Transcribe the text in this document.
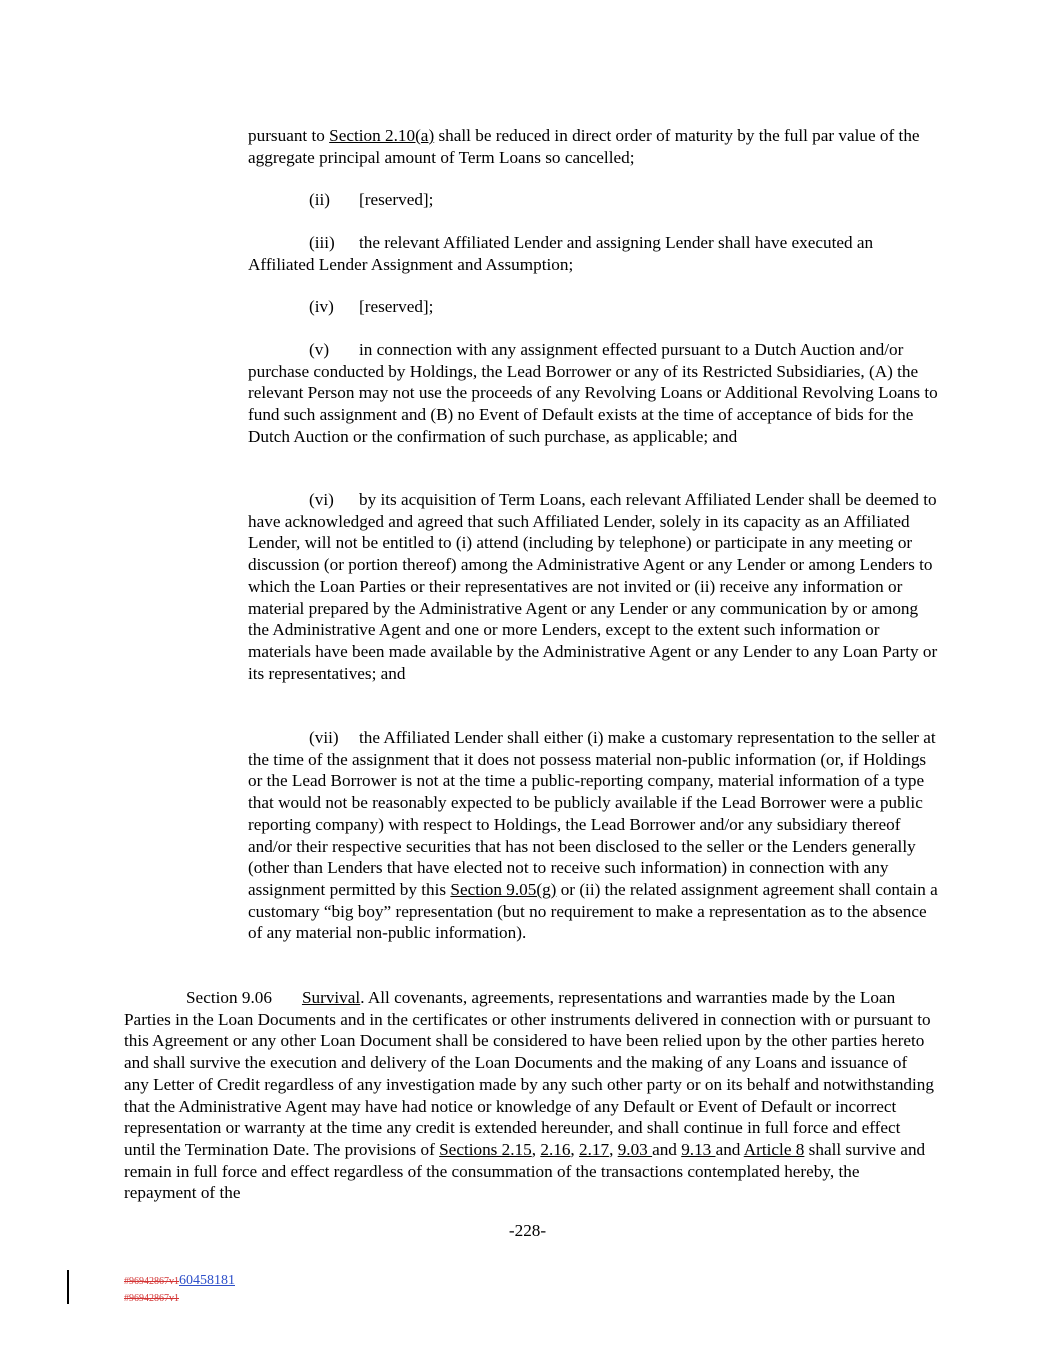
pursuant to Section 2.10(a) shall be reduced in direct order of maturity by the full par value of the aggregate principal amount of Term Loans so cancelled;

(ii) [reserved];

(iii) the relevant Affiliated Lender and assigning Lender shall have executed an Affiliated Lender Assignment and Assumption;

(iv) [reserved];

(v) in connection with any assignment effected pursuant to a Dutch Auction and/or purchase conducted by Holdings, the Lead Borrower or any of its Restricted Subsidiaries, (A) the relevant Person may not use the proceeds of any Revolving Loans or Additional Revolving Loans to fund such assignment and (B) no Event of Default exists at the time of acceptance of bids for the Dutch Auction or the confirmation of such purchase, as applicable; and

(vi) by its acquisition of Term Loans, each relevant Affiliated Lender shall be deemed to have acknowledged and agreed that such Affiliated Lender, solely in its capacity as an Affiliated Lender, will not be entitled to (i) attend (including by telephone) or participate in any meeting or discussion (or portion thereof) among the Administrative Agent or any Lender or among Lenders to which the Loan Parties or their representatives are not invited or (ii) receive any information or material prepared by the Administrative Agent or any Lender or any communication by or among the Administrative Agent and one or more Lenders, except to the extent such information or materials have been made available by the Administrative Agent or any Lender to any Loan Party or its representatives; and

(vii) the Affiliated Lender shall either (i) make a customary representation to the seller at the time of the assignment that it does not possess material non-public information (or, if Holdings or the Lead Borrower is not at the time a public-reporting company, material information of a type that would not be reasonably expected to be publicly available if the Lead Borrower were a public reporting company) with respect to Holdings, the Lead Borrower and/or any subsidiary thereof and/or their respective securities that has not been disclosed to the seller or the Lenders generally (other than Lenders that have elected not to receive such information) in connection with any assignment permitted by this Section 9.05(g) or (ii) the related assignment agreement shall contain a customary “big boy” representation (but no requirement to make a representation as to the absence of any material non-public information).

Section 9.06 Survival. All covenants, agreements, representations and warranties made by the Loan Parties in the Loan Documents and in the certificates or other instruments delivered in connection with or pursuant to this Agreement or any other Loan Document shall be considered to have been relied upon by the other parties hereto and shall survive the execution and delivery of the Loan Documents and the making of any Loans and issuance of any Letter of Credit regardless of any investigation made by any such other party or on its behalf and notwithstanding that the Administrative Agent may have had notice or knowledge of any Default or Event of Default or incorrect representation or warranty at the time any credit is extended hereunder, and shall continue in full force and effect until the Termination Date. The provisions of Sections 2.15, 2.16, 2.17, 9.03 and 9.13 and Article 8 shall survive and remain in full force and effect regardless of the consummation of the transactions contemplated hereby, the repayment of the

-228-
#96942867v160458181
#96942867v1
